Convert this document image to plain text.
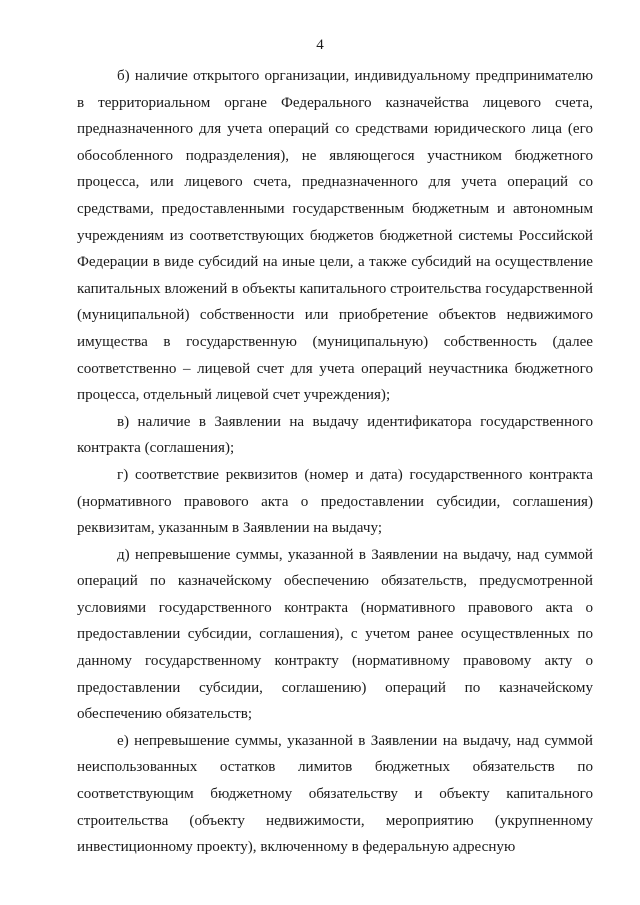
4

б) наличие открытого организации, индивидуальному предпринимателю в территориальном органе Федерального казначейства лицевого счета, предназначенного для учета операций со средствами юридического лица (его обособленного подразделения), не являющегося участником бюджетного процесса, или лицевого счета, предназначенного для учета операций со средствами, предоставленными государственным бюджетным и автономным учреждениям из соответствующих бюджетов бюджетной системы Российской Федерации в виде субсидий на иные цели, а также субсидий на осуществление капитальных вложений в объекты капитального строительства государственной (муниципальной) собственности или приобретение объектов недвижимого имущества в государственную (муниципальную) собственность (далее соответственно – лицевой счет для учета операций неучастника бюджетного процесса, отдельный лицевой счет учреждения);

в) наличие в Заявлении на выдачу идентификатора государственного контракта (соглашения);

г) соответствие реквизитов (номер и дата) государственного контракта (нормативного правового акта о предоставлении субсидии, соглашения) реквизитам, указанным в Заявлении на выдачу;

д) непревышение суммы, указанной в Заявлении на выдачу, над суммой операций по казначейскому обеспечению обязательств, предусмотренной условиями государственного контракта (нормативного правового акта о предоставлении субсидии, соглашения), с учетом ранее осуществленных по данному государственному контракту (нормативному правовому акту о предоставлении субсидии, соглашению) операций по казначейскому обеспечению обязательств;

е) непревышение суммы, указанной в Заявлении на выдачу, над суммой неиспользованных остатков лимитов бюджетных обязательств по соответствующим бюджетному обязательству и объекту капитального строительства (объекту недвижимости, мероприятию (укрупненному инвестиционному проекту), включенному в федеральную адресную
